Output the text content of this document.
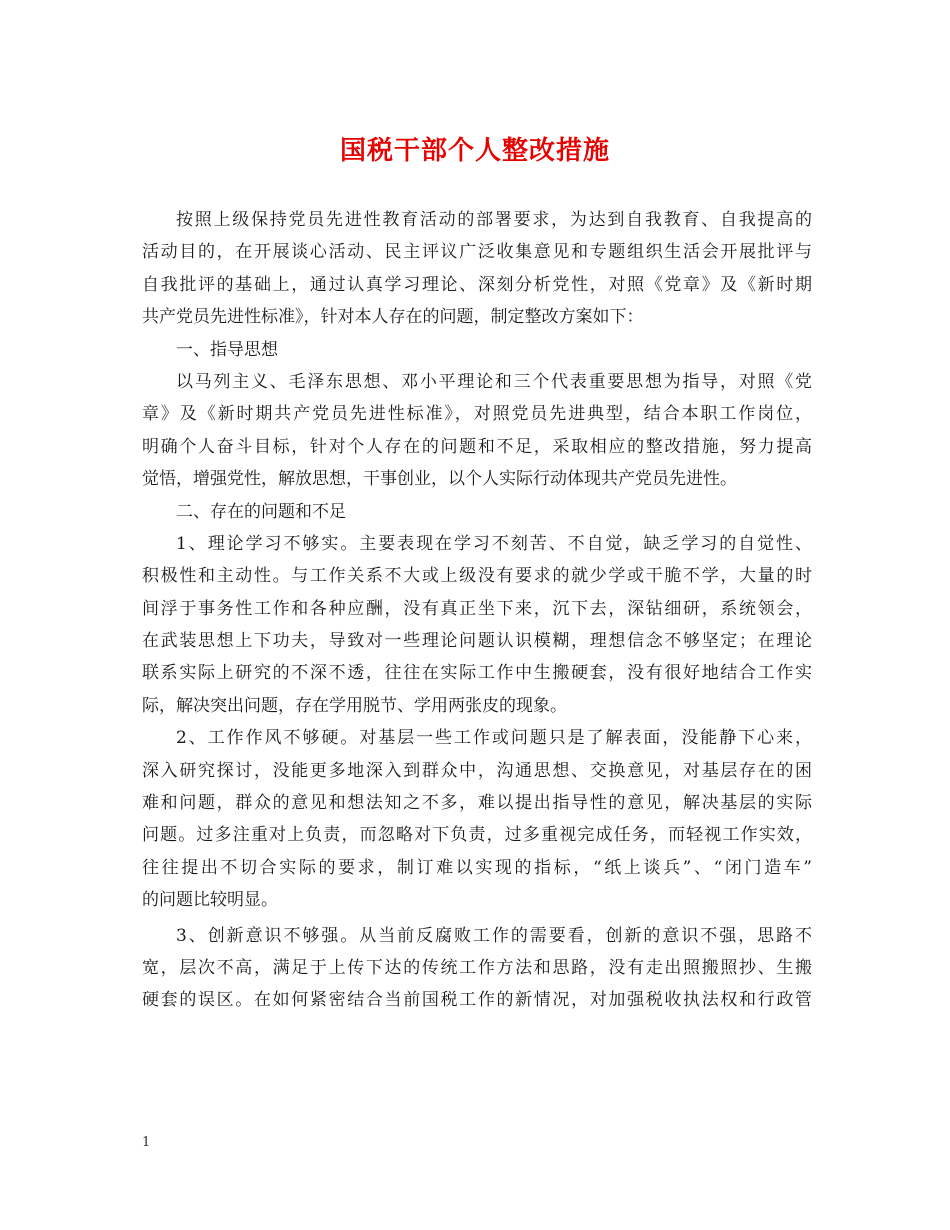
国税干部个人整改措施
按照上级保持党员先进性教育活动的部署要求，为达到自我教育、自我提高的
活动目的，在开展谈心活动、民主评议广泛收集意见和专题组织生活会开展批评与
自我批评的基础上，通过认真学习理论、深刻分析党性，对照《党章》及《新时期
共产党员先进性标准》，针对本人存在的问题，制定整改方案如下：
一、指导思想
以马列主义、毛泽东思想、邓小平理论和三个代表重要思想为指导，对照《党
章》及《新时期共产党员先进性标准》，对照党员先进典型，结合本职工作岗位，
明确个人奋斗目标，针对个人存在的问题和不足，采取相应的整改措施，努力提高
觉悟，增强党性，解放思想，干事创业，以个人实际行动体现共产党员先进性。
二、存在的问题和不足
1、理论学习不够实。主要表现在学习不刻苦、不自觉，缺乏学习的自觉性、
积极性和主动性。与工作关系不大或上级没有要求的就少学或干脆不学，大量的时
间浮于事务性工作和各种应酬，没有真正坐下来，沉下去，深钻细研，系统领会，
在武装思想上下功夫，导致对一些理论问题认识模糊，理想信念不够坚定；在理论
联系实际上研究的不深不透，往往在实际工作中生搬硬套，没有很好地结合工作实
际，解决突出问题，存在学用脱节、学用两张皮的现象。
2、工作作风不够硬。对基层一些工作或问题只是了解表面，没能静下心来，
深入研究探讨，没能更多地深入到群众中，沟通思想、交换意见，对基层存在的困
难和问题，群众的意见和想法知之不多，难以提出指导性的意见，解决基层的实际
问题。过多注重对上负责，而忽略对下负责，过多重视完成任务，而轻视工作实效，
往往提出不切合实际的要求，制订难以实现的指标，“纸上谈兵”、“闭门造车”
的问题比较明显。
3、创新意识不够强。从当前反腐败工作的需要看，创新的意识不强，思路不
宽，层次不高，满足于上传下达的传统工作方法和思路，没有走出照搬照抄、生搬
硬套的误区。在如何紧密结合当前国税工作的新情况，对加强税收执法权和行政管
1
